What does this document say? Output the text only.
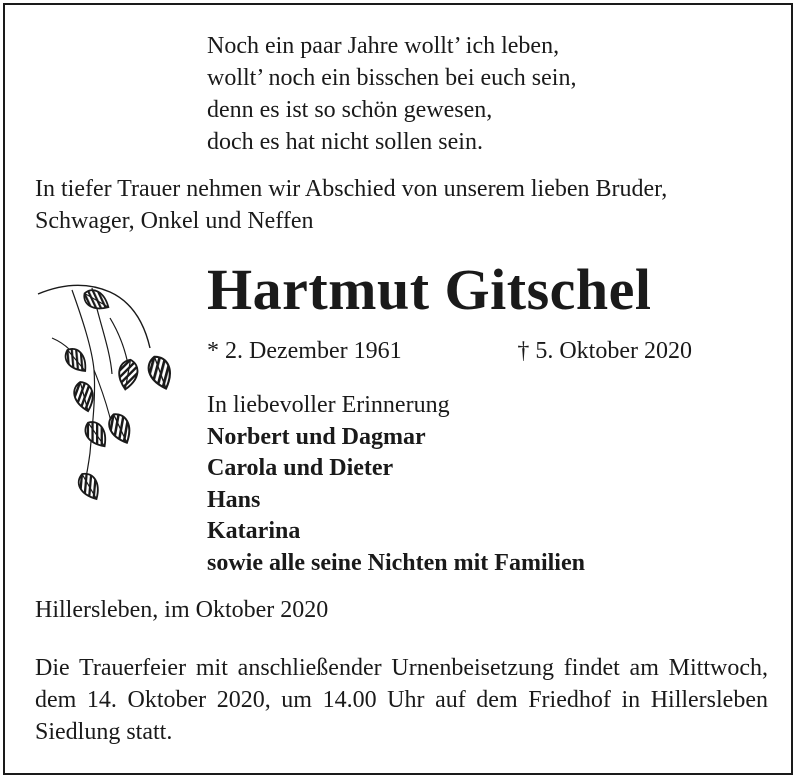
Noch ein paar Jahre wollt’ ich leben,
wollt’ noch ein bisschen bei euch sein,
denn es ist so schön gewesen,
doch es hat nicht sollen sein.
In tiefer Trauer nehmen wir Abschied von unserem lieben Bruder, Schwager, Onkel und Neffen
Hartmut Gitschel
* 2. Dezember 1961	† 5. Oktober 2020
In liebevoller Erinnerung
Norbert und Dagmar
Carola und Dieter
Hans
Katarina
sowie alle seine Nichten mit Familien
Hillersleben, im Oktober 2020
Die Trauerfeier mit anschließender Urnenbeisetzung findet am Mittwoch, dem 14. Oktober 2020, um 14.00 Uhr auf dem Friedhof in Hillersleben Siedlung statt.
